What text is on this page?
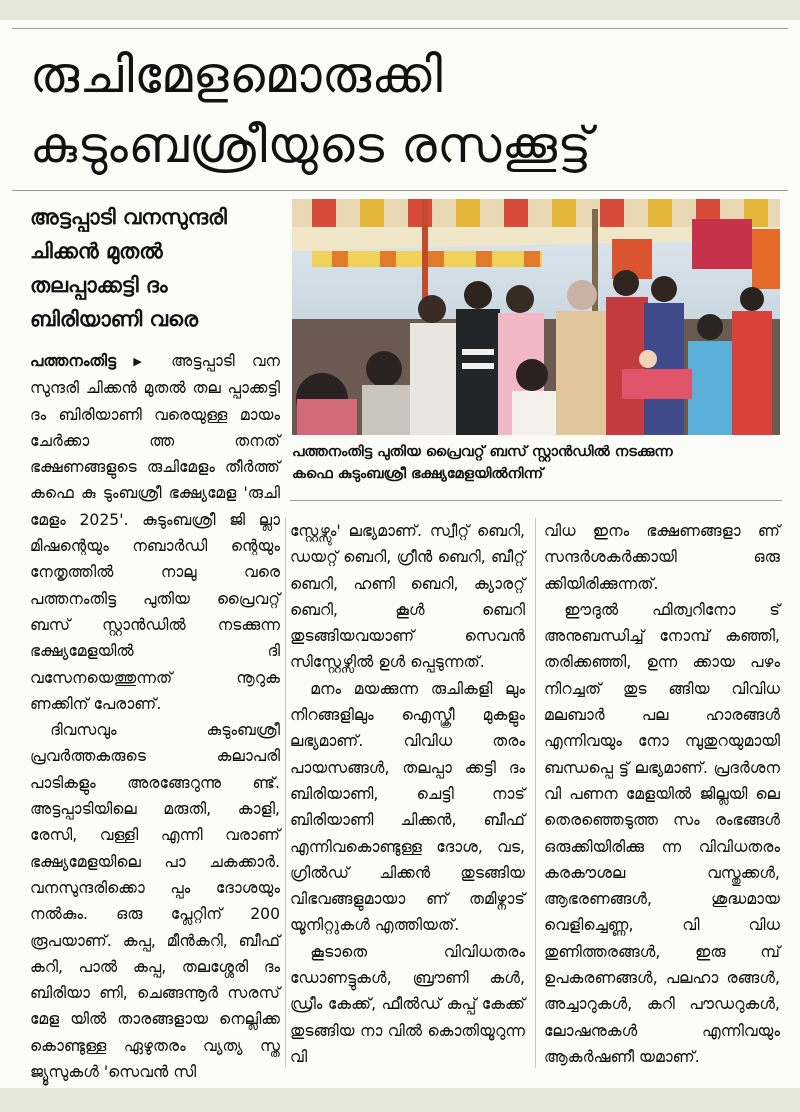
രുചിമേളമൊരുക്കി
കുടുംബശ്രീയുടെ രസക്കൂട്ട്
അട്ടപ്പാടി വനസുന്ദരി
ചിക്കൻ മുതൽ
തലപ്പാക്കട്ടി ദം
ബിരിയാണി വരെ
പത്തനംതിട്ട പുതിയ പ്രൈവറ്റ് ബസ് സ്റ്റാൻഡിൽ നടക്കുന്ന
കഫെ കുടുംബശ്രീ ഭക്ഷ്യമേളയിൽനിന്ന്

പത്തനംതിട്ട ▶ അട്ടപ്പാടി വന സുന്ദരി ചിക്കൻ മുതൽ തല പ്പാക്കട്ടി ദം ബിരിയാണി വരെയുള്ള മായം ചേർക്കാ ത്ത തനത് ഭക്ഷണങ്ങളുടെ രുചിമേളം തീർത്ത് കഫെ കു ടുംബശ്രീ ഭക്ഷ്യമേള 'രുചി മേളം 2025'. കുടുംബശ്രീ ജി ല്ലാ മിഷന്റെയും നബാർഡി ന്റെയും നേതൃത്തിൽ നാലു വരെ പത്തനംതിട്ട പുതിയ പ്രൈവറ്റ് ബസ് സ്റ്റാൻഡിൽ നടക്കുന്ന ഭക്ഷ്യമേളയിൽ ദി വസേനയെത്തുന്നത് നൂറുക ണക്കിന് പേരാണ്.

ദിവസവും കുടുംബശ്രീ പ്രവർത്തകരുടെ കലാപരി പാടികളും അരങ്ങേറുന്നു ണ്ട്. അട്ടപ്പാടിയിലെ മരുതി, കാളി, രേസി, വള്ളി എന്നി വരാണ് ഭക്ഷ്യമേളയിലെ പാ ചകക്കാർ. വനസുന്ദരിക്കൊ പ്പം ദോശയും നൽകും. ഒരു പ്ലേറ്റിന് 200 രൂപയാണ്. കപ്പ, മീൻകറി, ബീഫ് കറി, പാൽ കപ്പ, തലശ്ശേരി ദം ബിരിയാ ണി, ചെങ്ങന്നൂർ സരസ് മേള യിൽ താരങ്ങളായ നെല്ലിക്ക കൊണ്ടുള്ള ഏഴുതരം വ്യത്യ സ്ത ജ്യൂസുകൾ 'സെവൻ സി

സ്റ്റേഴ്സും' ലഭ്യമാണ്. സ്വീറ്റ് ബെറി, ഡയറ്റ് ബെറി, ഗ്രീൻ ബെറി, ബീറ്റ് ബെറി, ഹണി ബെറി, ക്യാരറ്റ് ബെറി, കൂൾ ബെറി തുടങ്ങിയവയാണ് സെവൻ സിസ്റ്റേഴ്സിൽ ഉൾ പ്പെടുന്നത്.

മനം മയക്കുന്ന രുചികളി ലും നിറങ്ങളിലും ഐസ്ക്രീ മുകളും ലഭ്യമാണ്. വിവിധ തരം പായസങ്ങൾ, തലപ്പാ ക്കട്ടി ദം ബിരിയാണി, ചെട്ടി നാട് ബിരിയാണി ചിക്കൻ, ബീഫ് എന്നിവകൊണ്ടുള്ള ദോശ, വട, ഗ്രിൽഡ് ചിക്കൻ തുടങ്ങിയ വിഭവങ്ങളുമായാ ണ് തമിഴ്നാട് യൂനിറ്റുകൾ എത്തിയത്.

കൂടാതെ വിവിധതരം ഡോണട്ടുകൾ, ബ്രൗണി കൾ, ഡ്രീം കേക്ക്, ഫീൽഡ് കപ്പ് കേക്ക് തുടങ്ങിയ നാ വിൽ കൊതിയൂറുന്ന വി

വിധ ഇനം ഭക്ഷണങ്ങളാ ണ് സന്ദർശകർക്കായി ഒരു ക്കിയിരിക്കുന്നത്.

ഈദുൽ ഫിത്വറിനോ ട് അനുബന്ധിച്ച് നോമ്പ് കഞ്ഞി, തരിക്കഞ്ഞി, ഉന്ന ക്കായ പഴം നിറച്ചത് തുട ങ്ങിയ വിവിധ മലബാർ പല ഹാരങ്ങൾ എന്നിവയും നോ മ്പുതുറയുമായി ബന്ധപ്പെ ട്ട് ലഭ്യമാണ്. പ്രദർശന വി പണന മേളയിൽ ജില്ലയി ലെ തെരഞ്ഞെടുത്ത സം രംഭങ്ങൾ ഒരുക്കിയിരിക്കു ന്ന വിവിധതരം കരകൗശല വസ്തുക്കൾ, ആഭരണങ്ങൾ, ശുദ്ധമായ വെളിച്ചെണ്ണ, വി വിധ തുണിത്തരങ്ങൾ, ഇരു മ്പ് ഉപകരണങ്ങൾ, പലഹാ രങ്ങൾ, അച്ചാറുകൾ, കറി പൗഡറുകൾ, ലോഷനുകൾ എന്നിവയും ആകർഷണീ യമാണ്.
